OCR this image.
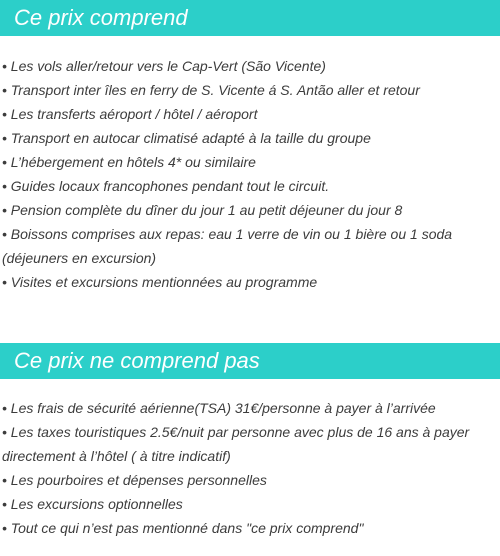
Ce prix comprend
• Les vols aller/retour vers le Cap-Vert (São Vicente)
• Transport inter îles en ferry de S. Vicente á S. Antão aller et retour
• Les transferts aéroport / hôtel / aéroport
• Transport en autocar climatisé adapté à la taille du groupe
• L’hébergement en hôtels 4* ou similaire
• Guides locaux francophones pendant tout le circuit.
• Pension complète du dîner du jour 1 au petit déjeuner du jour 8
• Boissons comprises aux repas: eau 1 verre de vin ou 1 bière ou 1 soda (déjeuners en excursion)
• Visites et excursions mentionnées au programme
Ce prix ne comprend pas
• Les frais de sécurité aérienne(TSA) 31€/personne à payer à l’arrivée
• Les taxes touristiques 2.5€/nuit par personne avec plus de 16 ans à payer directement à l’hôtel ( à titre indicatif)
• Les pourboires et dépenses personnelles
• Les excursions optionnelles
• Tout ce qui n’est pas mentionné dans "ce prix comprend"
